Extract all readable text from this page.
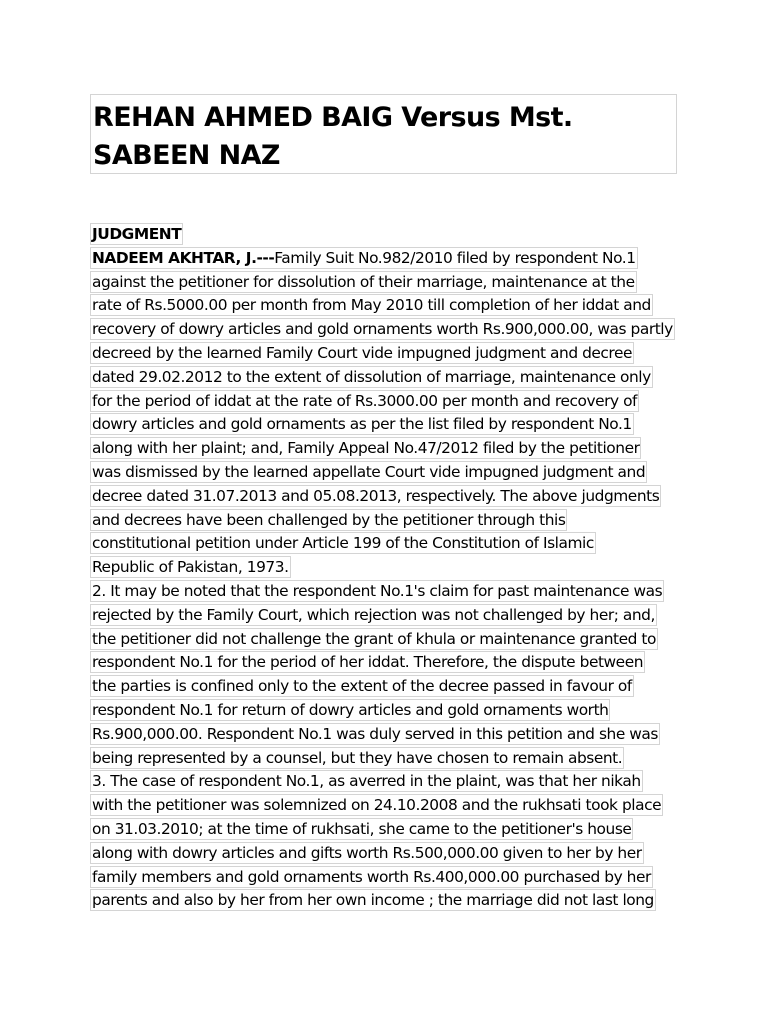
REHAN AHMED BAIG Versus Mst.
SABEEN NAZ
JUDGMENT
NADEEM AKHTAR, J.---Family Suit No.982/2010 filed by respondent No.1
against the petitioner for dissolution of their marriage, maintenance at the
rate of Rs.5000.00 per month from May 2010 till completion of her iddat and
recovery of dowry articles and gold ornaments worth Rs.900,000.00, was partly
decreed by the learned Family Court vide impugned judgment and decree
dated 29.02.2012 to the extent of dissolution of marriage, maintenance only
for the period of iddat at the rate of Rs.3000.00 per month and recovery of
dowry articles and gold ornaments as per the list filed by respondent No.1
along with her plaint; and, Family Appeal No.47/2012 filed by the petitioner
was dismissed by the learned appellate Court vide impugned judgment and
decree dated 31.07.2013 and 05.08.2013, respectively. The above judgments
and decrees have been challenged by the petitioner through this
constitutional petition under Article 199 of the Constitution of Islamic
Republic of Pakistan, 1973.
2. It may be noted that the respondent No.1's claim for past maintenance was
rejected by the Family Court, which rejection was not challenged by her; and,
the petitioner did not challenge the grant of khula or maintenance granted to
respondent No.1 for the period of her iddat. Therefore, the dispute between
the parties is confined only to the extent of the decree passed in favour of
respondent No.1 for return of dowry articles and gold ornaments worth
Rs.900,000.00. Respondent No.1 was duly served in this petition and she was
being represented by a counsel, but they have chosen to remain absent.
3. The case of respondent No.1, as averred in the plaint, was that her nikah
with the petitioner was solemnized on 24.10.2008 and the rukhsati took place
on 31.03.2010; at the time of rukhsati, she came to the petitioner's house
along with dowry articles and gifts worth Rs.500,000.00 given to her by her
family members and gold ornaments worth Rs.400,000.00 purchased by her
parents and also by her from her own income ; the marriage did not last long
